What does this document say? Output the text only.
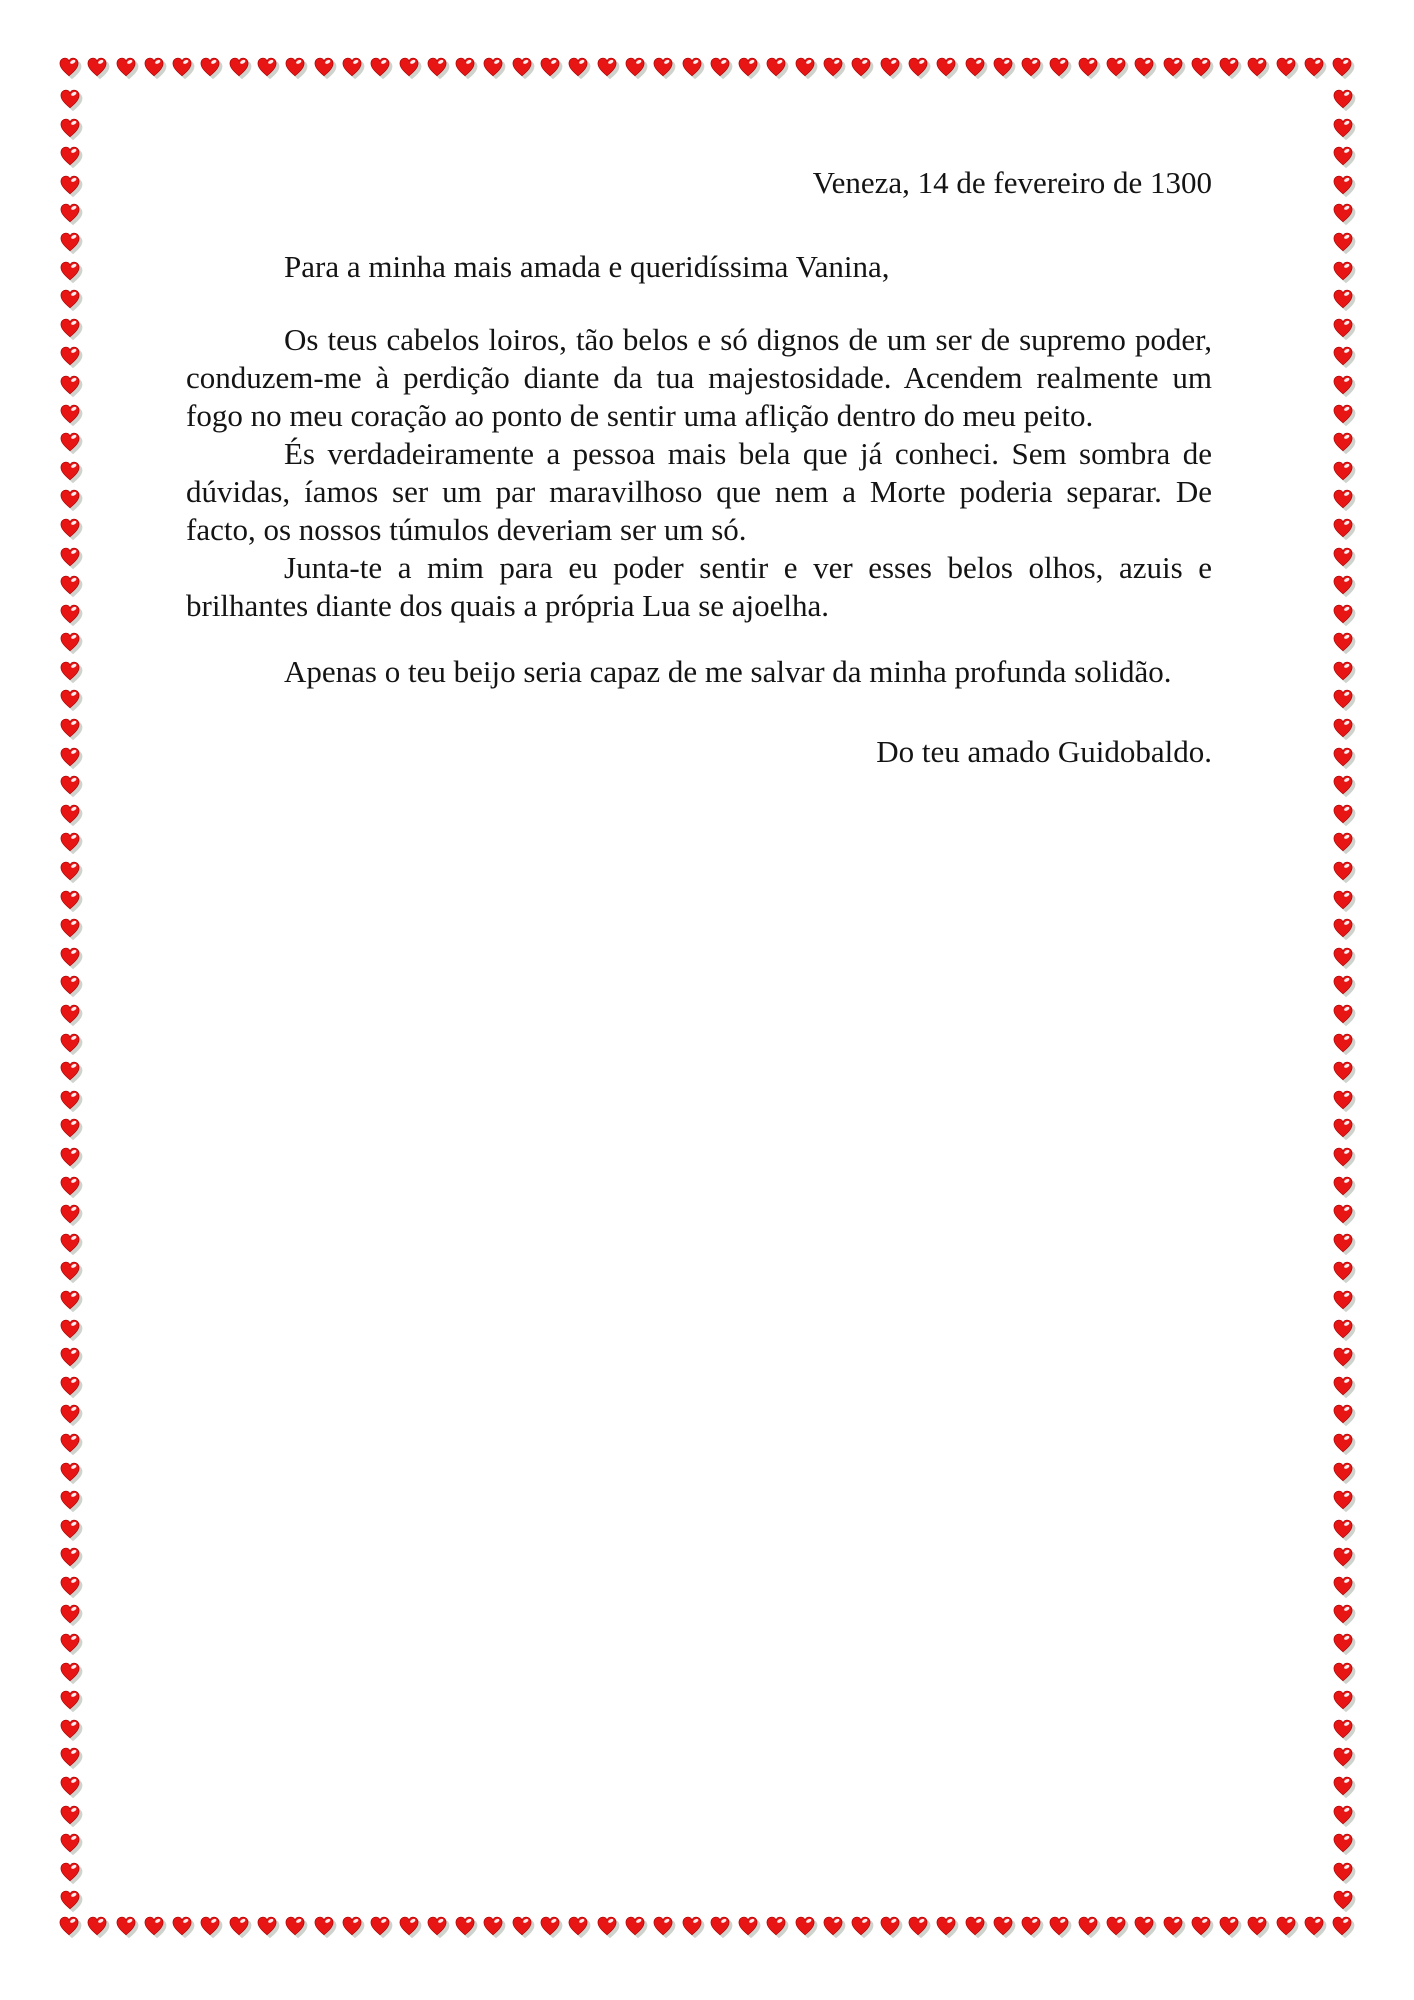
Veneza, 14 de fevereiro de 1300
Para a minha mais amada e queridíssima Vanina,
Os teus cabelos loiros, tão belos e só dignos de um ser de supremo poder, conduzem-me à perdição diante da tua majestosidade. Acendem realmente um fogo no meu coração ao ponto de sentir uma aflição dentro do meu peito.
És verdadeiramente a pessoa mais bela que já conheci. Sem sombra de dúvidas, íamos ser um par maravilhoso que nem a Morte poderia separar. De facto, os nossos túmulos deveriam ser um só.
Junta-te a mim para eu poder sentir e ver esses belos olhos, azuis e brilhantes diante dos quais a própria Lua se ajoelha.
Apenas o teu beijo seria capaz de me salvar da minha profunda solidão.
Do teu amado Guidobaldo.
